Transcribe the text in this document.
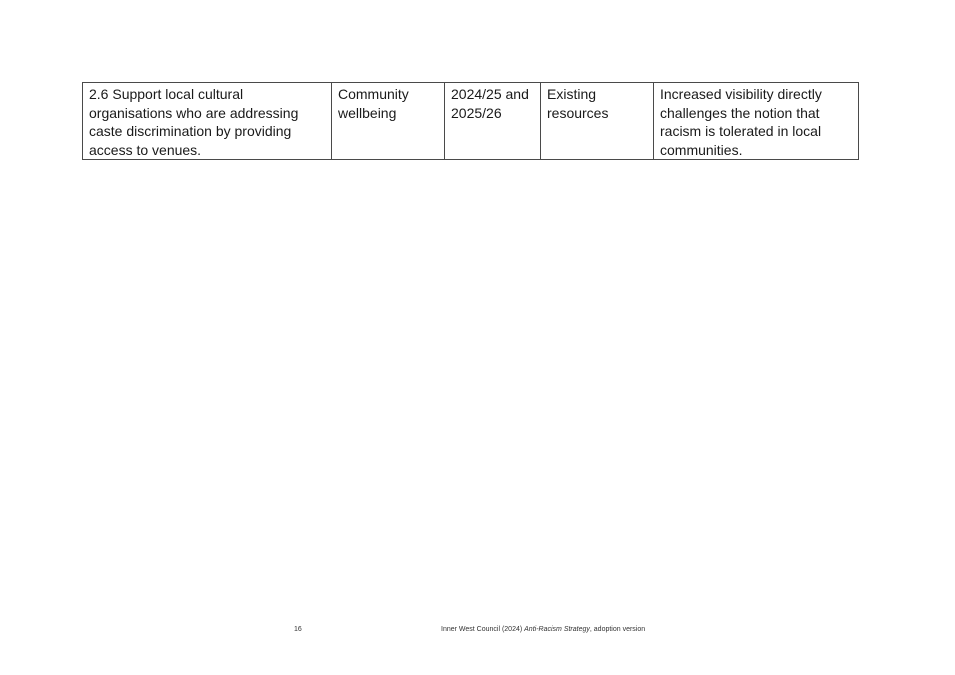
2.6 Support local cultural organisations who are addressing caste discrimination by providing access to venues.	Community wellbeing	2024/25 and 2025/26	Existing resources	Increased visibility directly challenges the notion that racism is tolerated in local communities.
16	Inner West Council (2024) Anti-Racism Strategy, adoption version
